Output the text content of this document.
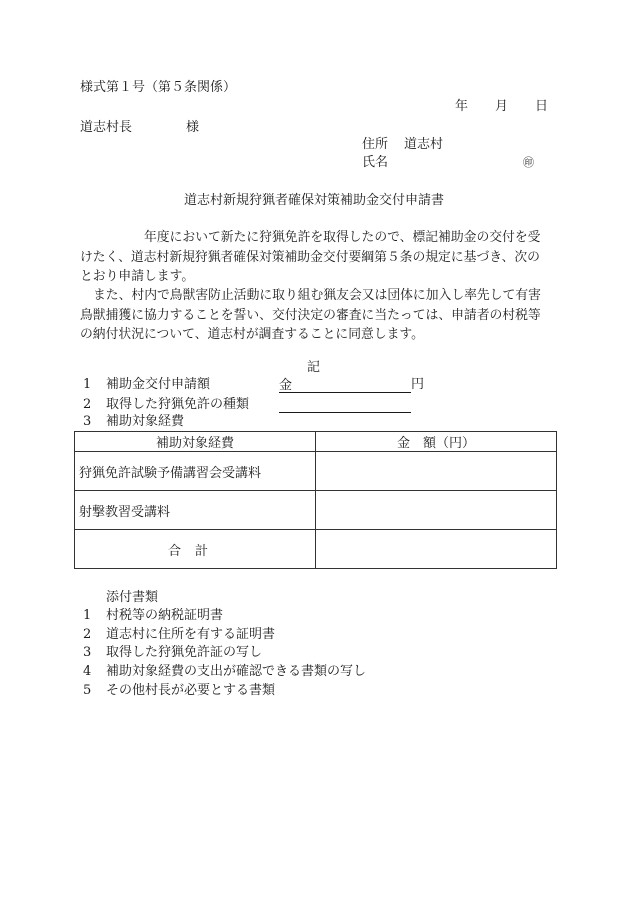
様式第１号（第５条関係）
年 月 日
道志村長	様
住所 道志村
氏名	㊞
道志村新規狩猟者確保対策補助金交付申請書
年度において新たに狩猟免許を取得したので、標記補助金の交付を受けたく、道志村新規狩猟者確保対策補助金交付要綱第５条の規定に基づき、次のとおり申請します。
また、村内で鳥獣害防止活動に取り組む猟友会又は団体に加入し率先して有害鳥獣捕獲に協力することを誓い、交付決定の審査に当たっては、申請者の村税等の納付状況について、道志村が調査することに同意します。
記
1 補助金交付申請額	金	円
2 取得した狩猟免許の種類
3 補助対象経費
補助対象経費	金　額（円）
狩猟免許試験予備講習会受講料	
射撃教習受講料	
合計	
添付書類
1 村税等の納税証明書
2 道志村に住所を有する証明書
3 取得した狩猟免許証の写し
4 補助対象経費の支出が確認できる書類の写し
5 その他村長が必要とする書類
